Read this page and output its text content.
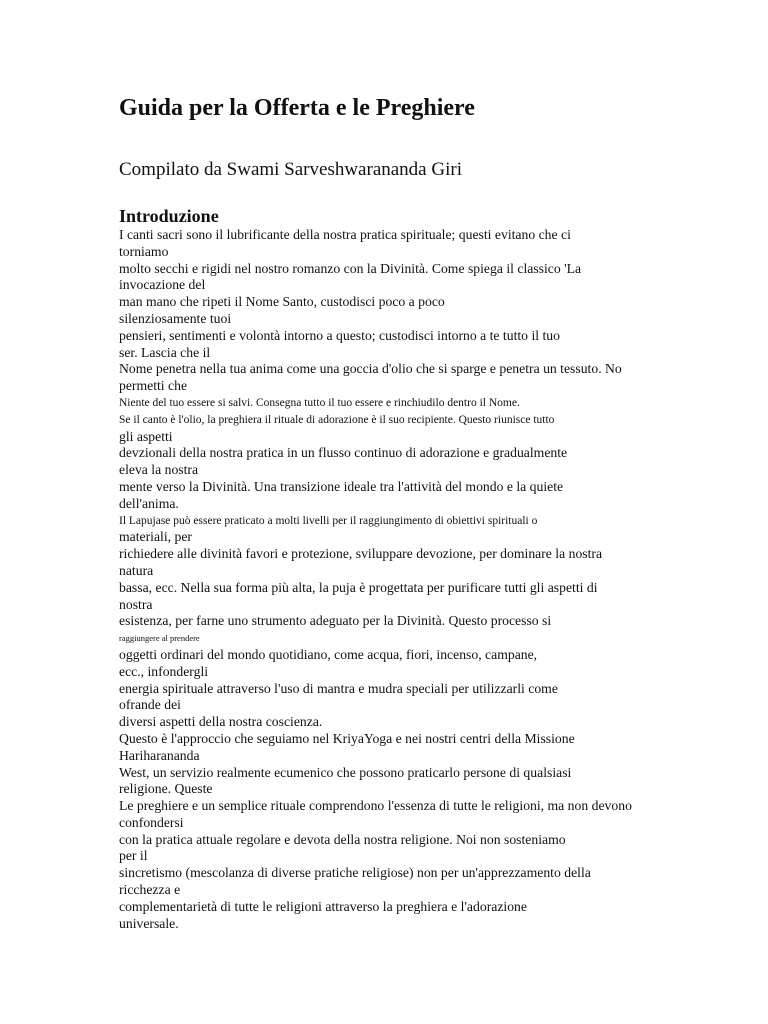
Guida per la Offerta e le Preghiere
Compilato da Swami Sarveshwarananda Giri
Introduzione
I canti sacri sono il lubrificante della nostra pratica spirituale; questi evitano che ci
torniamo
molto secchi e rigidi nel nostro romanzo con la Divinità. Come spiega il classico 'La
invocazione del
man mano che ripeti il Nome Santo, custodisci poco a poco
silenziosamente tuoi
pensieri, sentimenti e volontà intorno a questo; custodisci intorno a te tutto il tuo
ser. Lascia che il
Nome penetra nella tua anima come una goccia d'olio che si sparge e penetra un tessuto. No
permetti che
Niente del tuo essere si salvi. Consegna tutto il tuo essere e rinchiudilo dentro il Nome.
Se il canto è l'olio, la preghiera il rituale di adorazione è il suo recipiente. Questo riunisce tutto
gli aspetti
devzionali della nostra pratica in un flusso continuo di adorazione e gradualmente
eleva la nostra
mente verso la Divinità. Una transizione ideale tra l'attività del mondo e la quiete
dell'anima.
Il Lapujase può essere praticato a molti livelli per il raggiungimento di obiettivi spirituali o
materiali, per
richiedere alle divinità favori e protezione, sviluppare devozione, per dominare la nostra
natura
bassa, ecc. Nella sua forma più alta, la puja è progettata per purificare tutti gli aspetti di
nostra
esistenza, per farne uno strumento adeguato per la Divinità. Questo processo si
raggiungere al prendere
oggetti ordinari del mondo quotidiano, come acqua, fiori, incenso, campane,
ecc., infondergli
energia spirituale attraverso l'uso di mantra e mudra speciali per utilizzarli come
ofrande dei
diversi aspetti della nostra coscienza.
Questo è l'approccio che seguiamo nel KriyaYoga e nei nostri centri della Missione
Hariharananda
West, un servizio realmente ecumenico che possono praticarlo persone di qualsiasi
religione. Queste
Le preghiere e un semplice rituale comprendono l'essenza di tutte le religioni, ma non devono
confondersi
con la pratica attuale regolare e devota della nostra religione. Noi non sosteniamo
per il
sincretismo (mescolanza di diverse pratiche religiose) non per un'apprezzamento della
ricchezza e
complementarietà di tutte le religioni attraverso la preghiera e l'adorazione
universale.
